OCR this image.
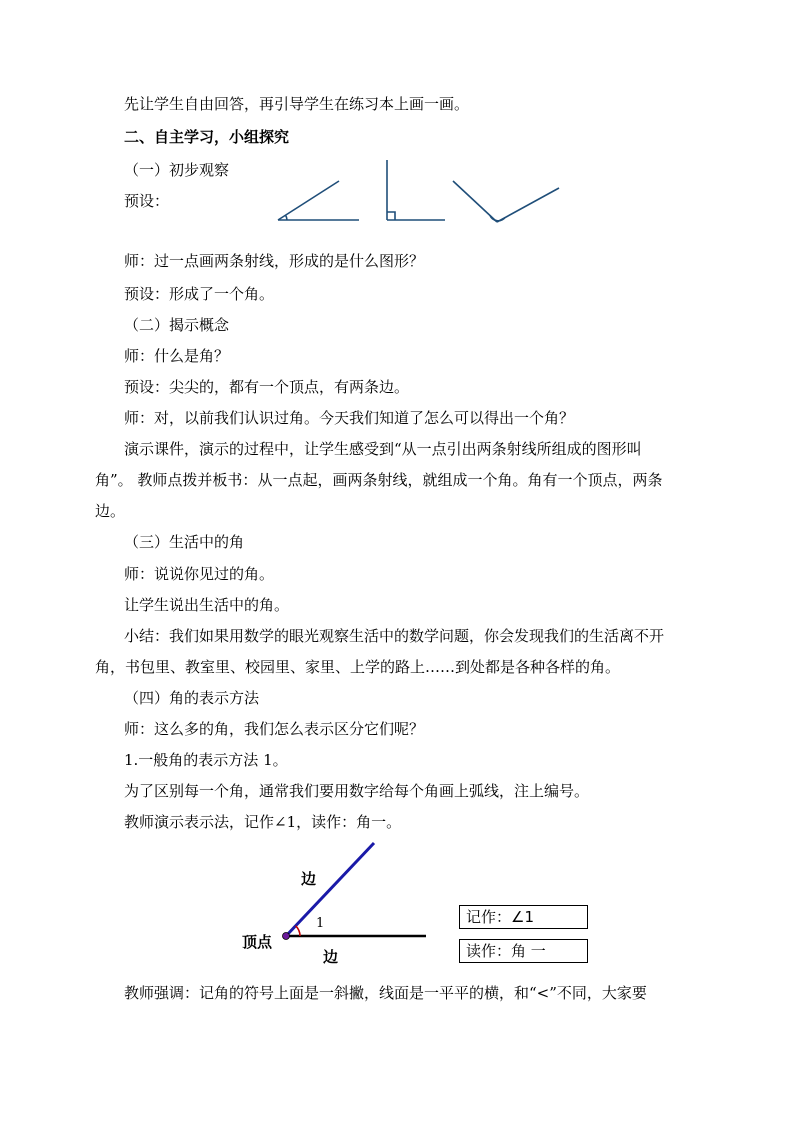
先让学生自由回答，再引导学生在练习本上画一画。
二、自主学习，小组探究
（一）初步观察
预设：
师：过一点画两条射线，形成的是什么图形？
预设：形成了一个角。
（二）揭示概念
师：什么是角？
预设：尖尖的，都有一个顶点，有两条边。
师：对，以前我们认识过角。今天我们知道了怎么可以得出一个角？
演示课件，演示的过程中，让学生感受到“从一点引出两条射线所组成的图形叫
角”。 教师点拨并板书：从一点起，画两条射线，就组成一个角。角有一个顶点，两条
边。
（三）生活中的角
师：说说你见过的角。
让学生说出生活中的角。
小结：我们如果用数学的眼光观察生活中的数学问题，你会发现我们的生活离不开
角，书包里、教室里、校园里、家里、上学的路上……到处都是各种各样的角。
（四）角的表示方法
师：这么多的角，我们怎么表示区分它们呢？
1.一般角的表示方法 1。
为了区别每一个角，通常我们要用数字给每个角画上弧线，注上编号。
教师演示表示法，记作∠1，读作：角一。
教师强调：记角的符号上面是一斜撇，线面是一平平的横，和“<”不同，大家要
边
边
顶点
1	记作：∠1
读作：角 一
